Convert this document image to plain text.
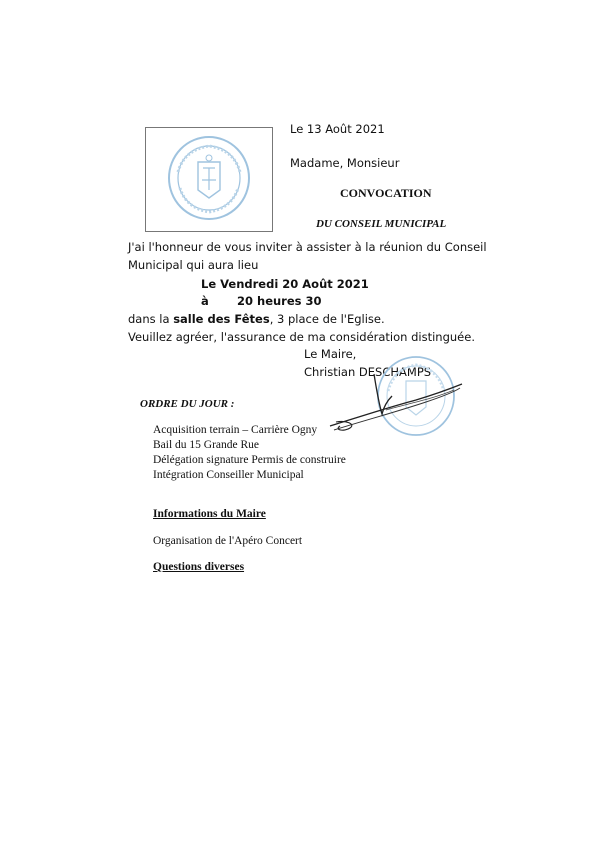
Le 13 Août 2021
Madame, Monsieur
CONVOCATION
DU CONSEIL MUNICIPAL
J'ai l'honneur de vous inviter à assister à la réunion du Conseil
Municipal qui aura lieu
Le Vendredi 20 Août 2021
à 20 heures 30
dans la salle des Fêtes, 3 place de l'Eglise.
Veuillez agréer, l'assurance de ma considération distinguée.
Le Maire,
Christian DESCHAMPS
ORDRE DU JOUR :
Acquisition terrain – Carrière Ogny
Bail du 15 Grande Rue
Délégation signature Permis de construire
Intégration Conseiller Municipal
Informations du Maire
Organisation de l'Apéro Concert
Questions diverses
